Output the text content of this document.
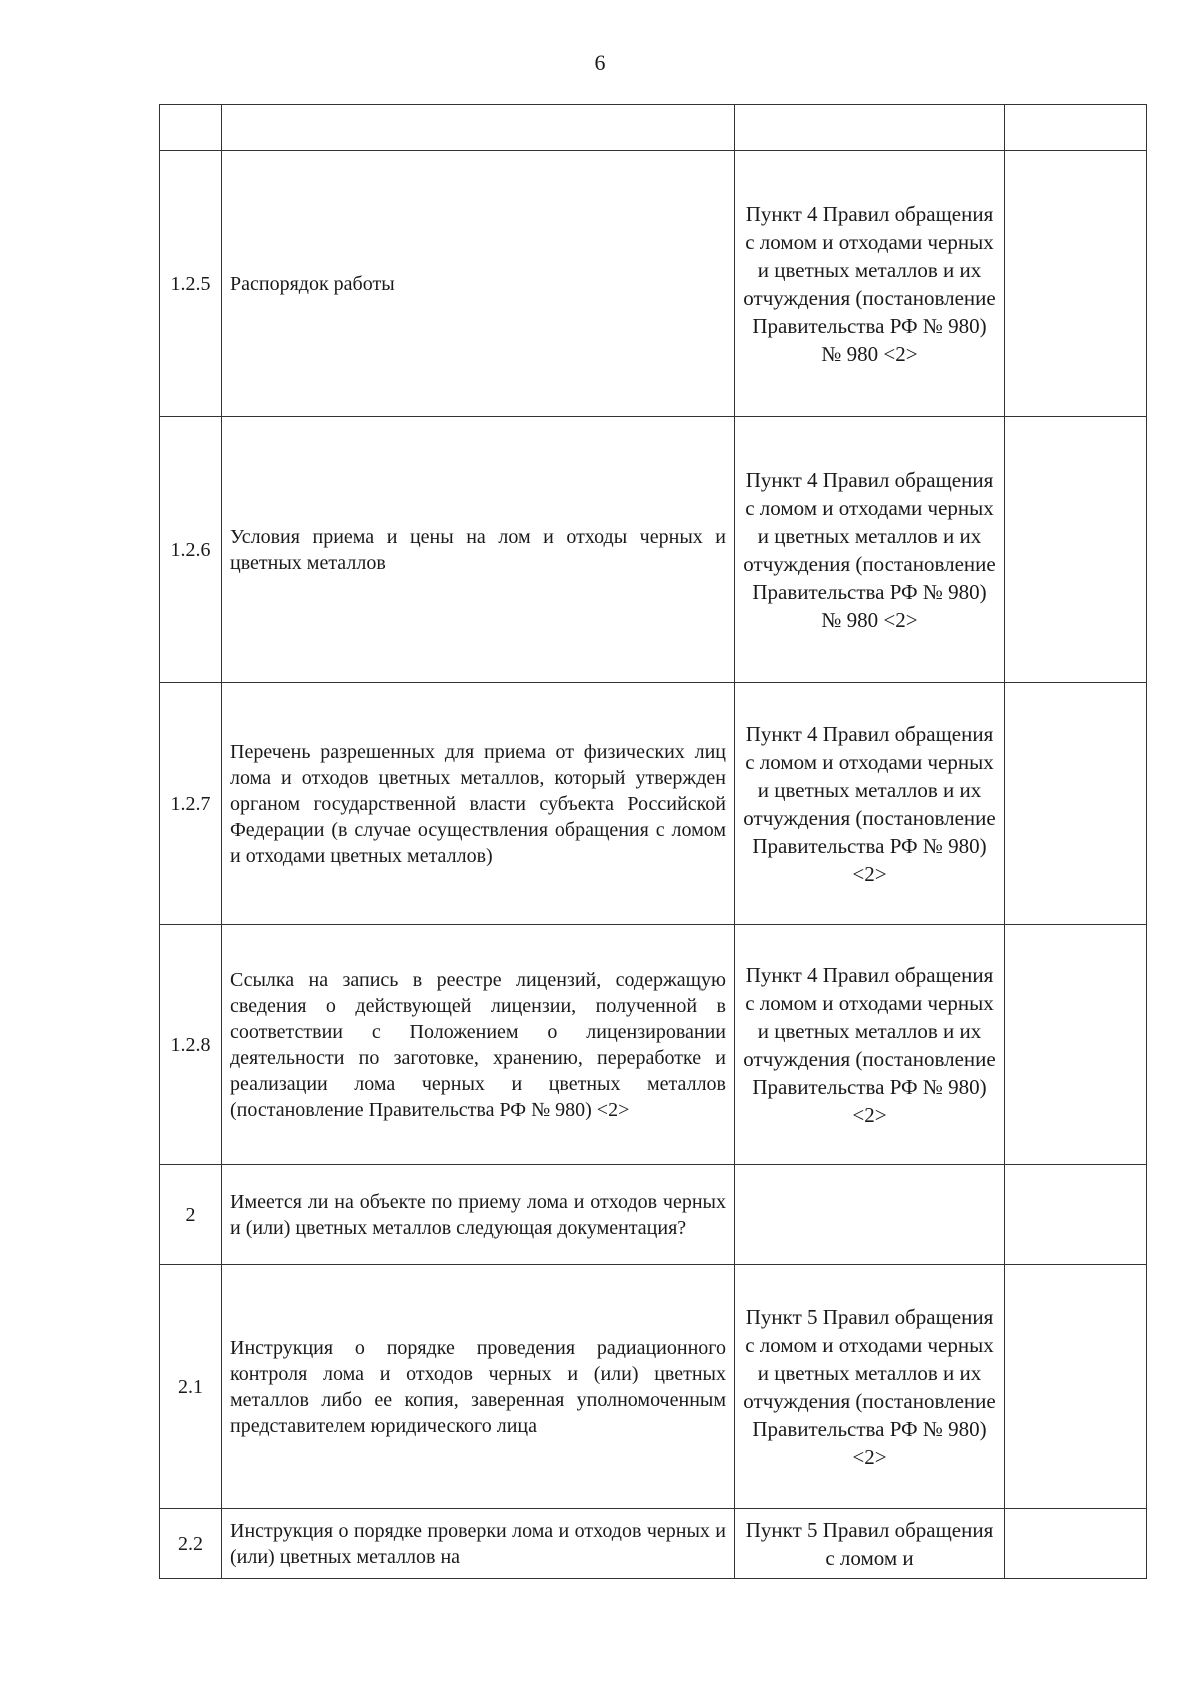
6

1.2.5	Распорядок работы	Пункт 4 Правил обращения с ломом и отходами черных и цветных металлов и их отчуждения (постановление Правительства РФ № 980) № 980 <2>	
1.2.6	Условия приема и цены на лом и отходы черных и цветных металлов	Пункт 4 Правил обращения с ломом и отходами черных и цветных металлов и их отчуждения (постановление Правительства РФ № 980) № 980 <2>	
1.2.7	Перечень разрешенных для приема от физических лиц лома и отходов цветных металлов, который утвержден органом государственной власти субъекта Российской Федерации (в случае осуществления обращения с ломом и отходами цветных металлов)	Пункт 4 Правил обращения с ломом и отходами черных и цветных металлов и их отчуждения (постановление Правительства РФ № 980) <2>	
1.2.8	Ссылка на запись в реестре лицензий, содержащую сведения о действующей лицензии, полученной в соответствии с Положением о лицензировании деятельности по заготовке, хранению, переработке и реализации лома черных и цветных металлов (постановление Правительства РФ № 980) <2>	Пункт 4 Правил обращения с ломом и отходами черных и цветных металлов и их отчуждения (постановление Правительства РФ № 980) <2>	
2	Имеется ли на объекте по приему лома и отходов черных и (или) цветных металлов следующая документация?		
2.1	Инструкция о порядке проведения радиационного контроля лома и отходов черных и (или) цветных металлов либо ее копия, заверенная уполномоченным представителем юридического лица	Пункт 5 Правил обращения с ломом и отходами черных и цветных металлов и их отчуждения (постановление Правительства РФ № 980) <2>	
2.2	Инструкция о порядке проверки лома и отходов черных и (или) цветных металлов на	Пункт 5 Правил обращения с ломом и	
